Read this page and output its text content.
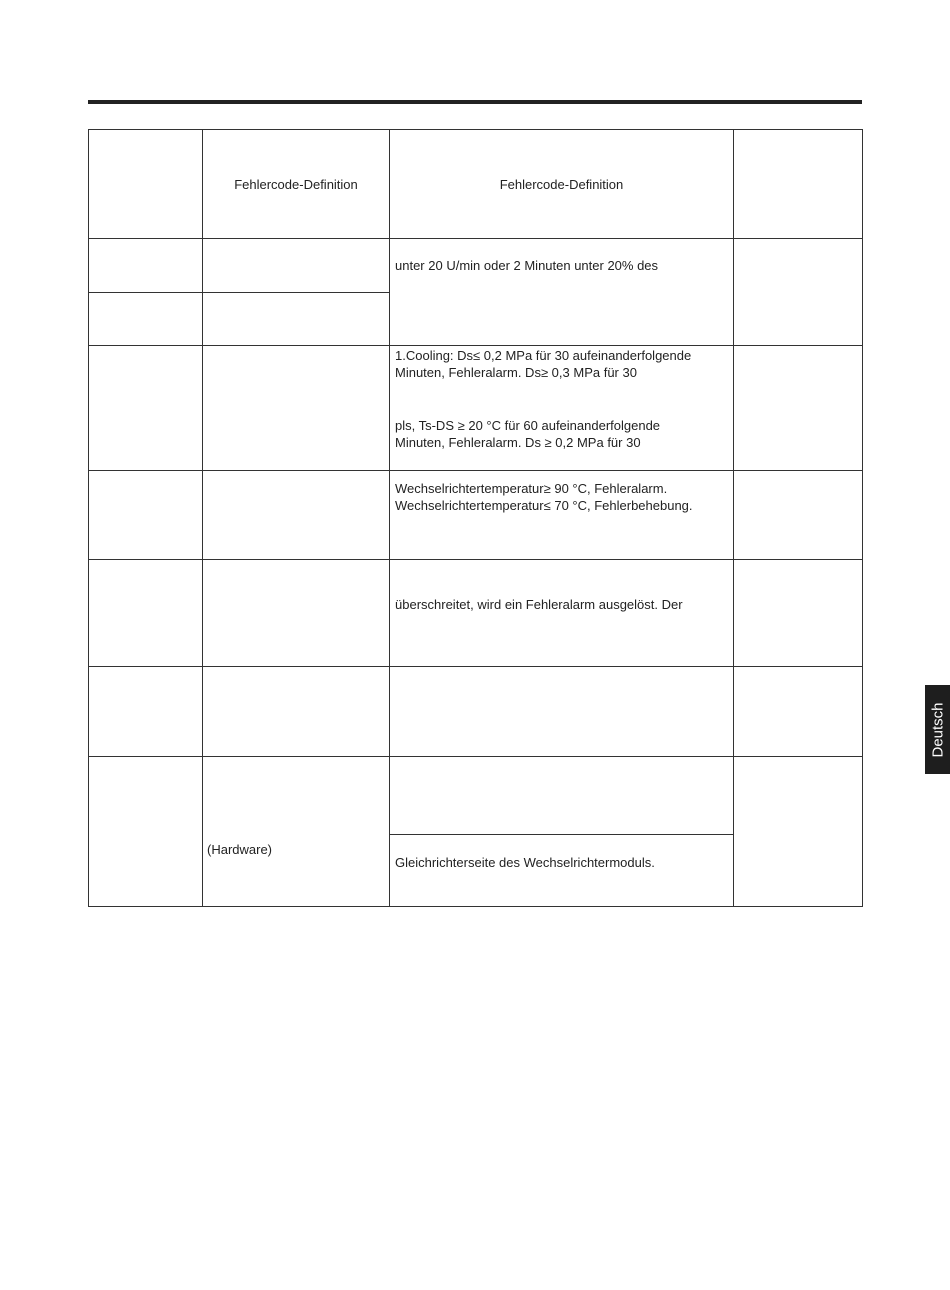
Fehlercode-Definition	Fehlercode-Definition
unter 20 U/min oder 2 Minuten unter 20% des
1.Cooling: Ds≤ 0,2 MPa für 30 aufeinanderfolgende
Minuten, Fehleralarm. Ds≥ 0,3 MPa für 30
pls, Ts-DS ≥ 20 °C für 60 aufeinanderfolgende
Minuten, Fehleralarm. Ds ≥ 0,2 MPa für 30
Wechselrichtertemperatur≥ 90 °C, Fehleralarm.
Wechselrichtertemperatur≤ 70 °C, Fehlerbehebung.
überschreitet, wird ein Fehleralarm ausgelöst. Der
(Hardware)
Gleichrichterseite des Wechselrichtermoduls.
Deutsch
